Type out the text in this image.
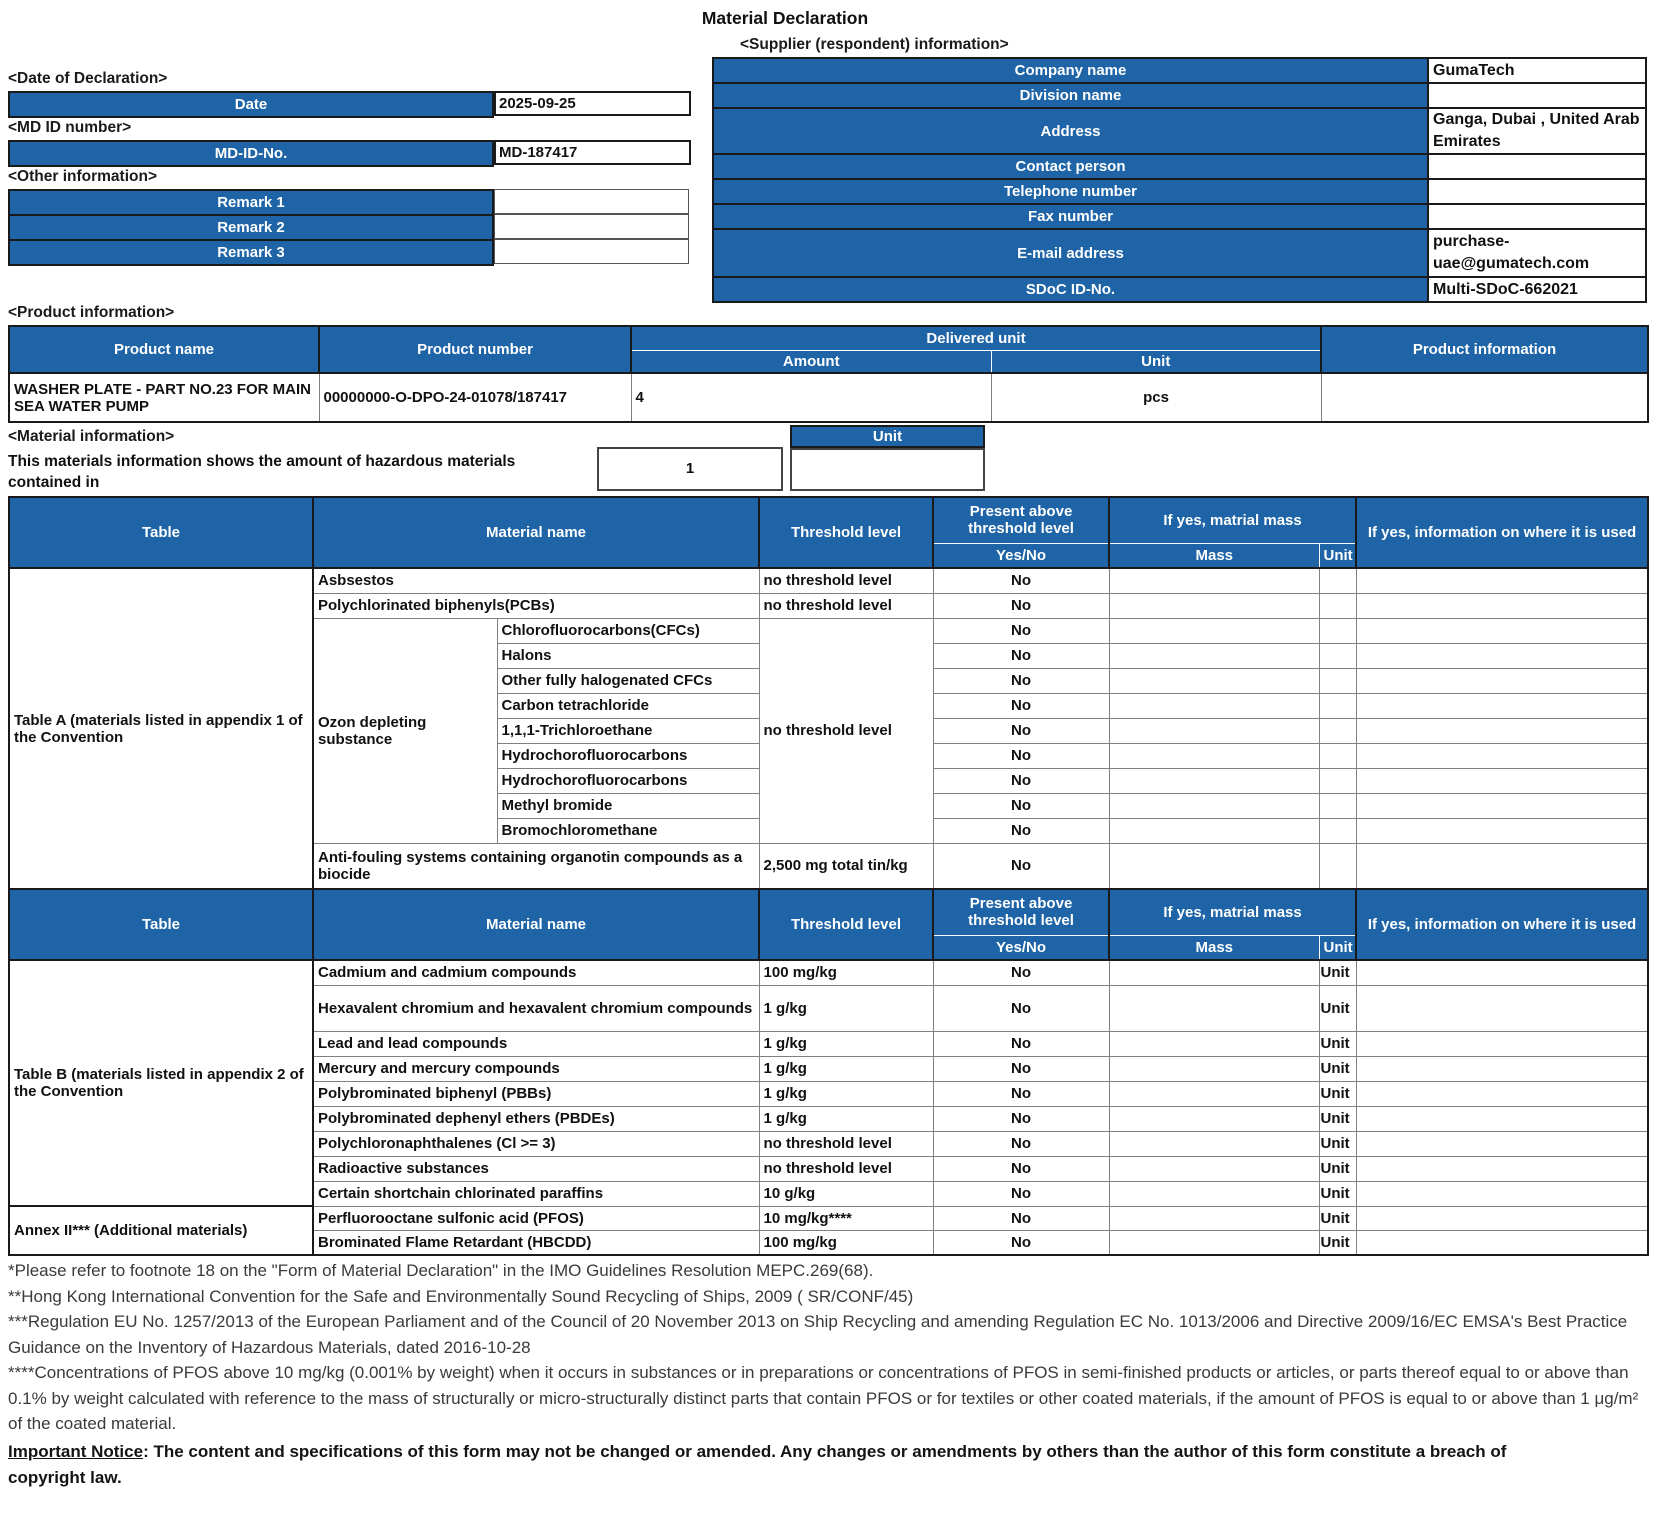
Material Declaration
<Date of Declaration>
Date	2025-09-25
<MD ID number>
MD-ID-No.	MD-187417
<Other information>
Remark 1
Remark 2
Remark 3
<Supplier (respondent) information>
Company name	GumaTech
Division name	
Address	Ganga, Dubai , United Arab Emirates
Contact person	
Telephone number	
Fax number	
E-mail address	purchase-uae@gumatech.com
SDoC ID-No.	Multi-SDoC-662021
<Product information>
Product name	Product number	Delivered unit		Product information
		Amount	Unit	
WASHER PLATE - PART NO.23 FOR MAIN SEA WATER PUMP	00000000-O-DPO-24-01078/187417	4	pcs	
<Material information>
This materials information shows the amount of hazardous materials contained in
1
Unit
Table	Material name		Threshold level	Present above threshold level	If yes, matrial mass		If yes, information on where it is used
				Yes/No	Mass	Unit	
Table A (materials listed in appendix 1 of the Convention	Asbsestos		no threshold level	No			
	Polychlorinated biphenyls(PCBs)		no threshold level	No			
	Ozon depleting substance	Chlorofluorocarbons(CFCs)	no threshold level	No			
		Halons		No			
		Other fully halogenated CFCs		No			
		Carbon tetrachloride		No			
		1,1,1-Trichloroethane		No			
		Hydrochorofluorocarbons		No			
		Hydrochorofluorocarbons		No			
		Methyl bromide		No			
		Bromochloromethane		No			
	Anti-fouling systems containing organotin compounds as a biocide		2,500 mg total tin/kg	No			
Table	Material name		Threshold level	Present above threshold level	If yes, matrial mass		If yes, information on where it is used
				Yes/No	Mass	Unit	
Table B (materials listed in appendix 2 of the Convention	Cadmium and cadmium compounds		100 mg/kg	No		Unit	
	Hexavalent chromium and hexavalent chromium compounds		1 g/kg	No		Unit	
	Lead and lead compounds		1 g/kg	No		Unit	
	Mercury and mercury compounds		1 g/kg	No		Unit	
	Polybrominated biphenyl (PBBs)		1 g/kg	No		Unit	
	Polybrominated dephenyl ethers (PBDEs)		1 g/kg	No		Unit	
	Polychloronaphthalenes (Cl >= 3)		no threshold level	No		Unit	
	Radioactive substances		no threshold level	No		Unit	
	Certain shortchain chlorinated paraffins		10 g/kg	No		Unit	
Annex II*** (Additional materials)	Perfluorooctane sulfonic acid (PFOS)		10 mg/kg****	No		Unit	
	Brominated Flame Retardant (HBCDD)		100 mg/kg	No		Unit	
*Please refer to footnote 18 on the "Form of Material Declaration" in the IMO Guidelines Resolution MEPC.269(68).
**Hong Kong International Convention for the Safe and Environmentally Sound Recycling of Ships, 2009 ( SR/CONF/45)
***Regulation EU No. 1257/2013 of the European Parliament and of the Council of 20 November 2013 on Ship Recycling and amending Regulation EC No. 1013/2006 and Directive 2009/16/EC EMSA's Best Practice Guidance on the Inventory of Hazardous Materials, dated 2016-10-28
****Concentrations of PFOS above 10 mg/kg (0.001% by weight) when it occurs in substances or in preparations or concentrations of PFOS in semi-finished products or articles, or parts thereof equal to or above than 0.1% by weight calculated with reference to the mass of structurally or micro-structurally distinct parts that contain PFOS or for textiles or other coated materials, if the amount of PFOS is equal to or above than 1 μg/m² of the coated material.
Important Notice: The content and specifications of this form may not be changed or amended. Any changes or amendments by others than the author of this form constitute a breach of copyright law.
